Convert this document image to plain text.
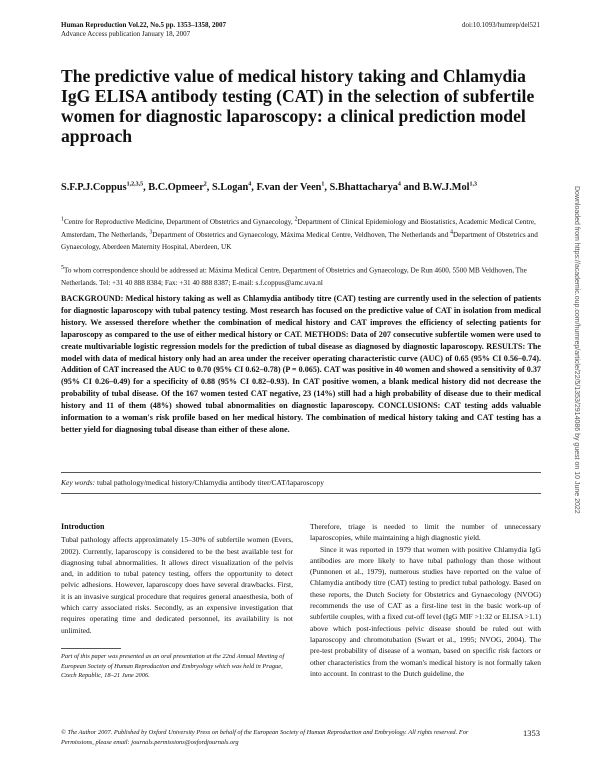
Human Reproduction Vol.22, No.5 pp. 1353–1358, 2007	doi:10.1093/humrep/del521
Advance Access publication January 18, 2007
The predictive value of medical history taking and Chlamydia IgG ELISA antibody testing (CAT) in the selection of subfertile women for diagnostic laparoscopy: a clinical prediction model approach
S.F.P.J.Coppus$^{1,2,3,5}$, B.C.Opmeer$^2$, S.Logan$^4$, F.van der Veen$^1$, S.Bhattacharya$^4$ and B.W.J.Mol$^{1,3}$
$^1$Centre for Reproductive Medicine, Department of Obstetrics and Gynaecology, $^2$Department of Clinical Epidemiology and Biostatistics, Academic Medical Centre, Amsterdam, The Netherlands, $^3$Department of Obstetrics and Gynaecology, Máxima Medical Centre, Veldhoven, The Netherlands and $^4$Department of Obstetrics and Gynaecology, Aberdeen Maternity Hospital, Aberdeen, UK
$^5$To whom correspondence should be addressed at: Máxima Medical Centre, Department of Obstetrics and Gynaecology, De Run 4600, 5500 MB Veldhoven, The Netherlands. Tel: +31 40 888 8384; Fax: +31 40 888 8387; E-mail: s.f.coppus@amc.uva.nl

BACKGROUND: Medical history taking as well as Chlamydia antibody titre (CAT) testing are currently used in the selection of patients for diagnostic laparoscopy with tubal patency testing. Most research has focused on the predictive value of CAT in isolation from medical history. We assessed therefore whether the combination of medical history and CAT improves the efficiency of selecting patients for laparoscopy as compared to the use of either medical history or CAT. METHODS: Data of 207 consecutive subfertile women were used to create multivariable logistic regression models for the prediction of tubal disease as diagnosed by diagnostic laparoscopy. RESULTS: The model with data of medical history only had an area under the receiver operating characteristic curve (AUC) of 0.65 (95% CI 0.56–0.74). Addition of CAT increased the AUC to 0.70 (95% CI 0.62–0.78) (P = 0.065). CAT was positive in 40 women and showed a sensitivity of 0.37 (95% CI 0.26–0.49) for a specificity of 0.88 (95% CI 0.82–0.93). In CAT positive women, a blank medical history did not decrease the probability of tubal disease. Of the 167 women tested CAT negative, 23 (14%) still had a high probability of disease due to their medical history and 11 of them (48%) showed tubal abnormalities on diagnostic laparoscopy. CONCLUSIONS: CAT testing adds valuable information to a woman's risk profile based on her medical history. The combination of medical history taking and CAT testing has a better yield for diagnosing tubal disease than either of these alone.

Key words: tubal pathology/medical history/Chlamydia antibody titer/CAT/laparoscopy

Introduction

Tubal pathology affects approximately 15–30% of subfertile women (Evers, 2002). Currently, laparoscopy is considered to be the best available test for diagnosing tubal abnormalities. It allows direct visualization of the pelvis and, in addition to tubal patency testing, offers the opportunity to detect pelvic adhesions. However, laparoscopy does have several drawbacks. First, it is an invasive surgical procedure that requires general anaesthesia, both of which carry associated risks. Secondly, as an expensive investigation that requires operating time and dedicated personnel, its availability is not unlimited.

Part of this paper was presented as an oral presentation at the 22nd Annual Meeting of European Society of Human Reproduction and Embryology which was held in Prague, Czech Republic, 18–21 June 2006.

Therefore, triage is needed to limit the number of unnecessary laparoscopies, while maintaining a high diagnostic yield.

Since it was reported in 1979 that women with positive Chlamydia IgG antibodies are more likely to have tubal pathology than those without (Punnonen et al., 1979), numerous studies have reported on the value of Chlamydia antibody titre (CAT) testing to predict tubal pathology. Based on these reports, the Dutch Society for Obstetrics and Gynaecology (NVOG) recommends the use of CAT as a first-line test in the basic work-up of subfertile couples, with a fixed cut-off level (IgG MIF >1:32 or ELISA >1.1) above which post-infectious pelvic disease should be ruled out with laparoscopy and chromotubation (Swart et al., 1995; NVOG, 2004). The pre-test probability of disease of a woman, based on specific risk factors or other characteristics from the woman's medical history is not formally taken into account. In contrast to the Dutch guideline, the

© The Author 2007. Published by Oxford University Press on behalf of the European Society of Human Reproduction and Embryology. All rights reserved. For Permissions, please email: journals.permissions@oxfordjournals.org
1353
Downloaded from https://academic.oup.com/humrep/article/22/5/1353/2914086 by guest on 10 June 2022
